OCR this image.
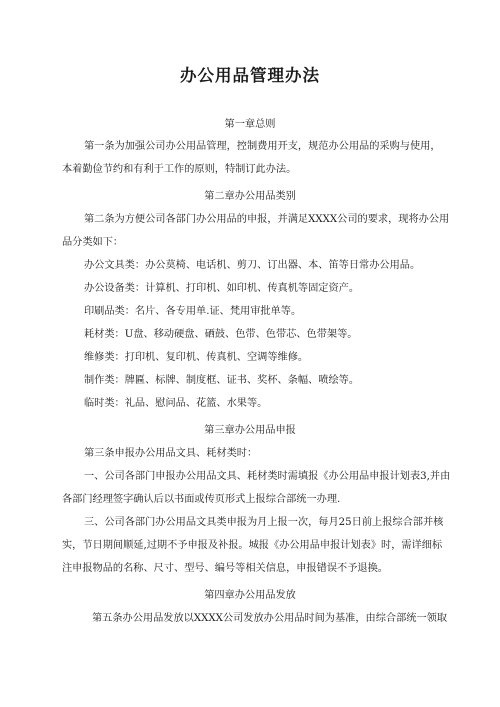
办公用品管理办法
第一章总则
第一条为加强公司办公用品管理，控制费用开支，规范办公用品的采购与使用，
本着勤俭节约和有利于工作的原则，特制订此办法。
第二章办公用品类别
第二条为方便公司各部门办公用品的申报，并满足XXXX公司的要求，现将办公用
品分类如下：
办公文具类：办公莫椅、电话机、剪刀、订出器、本、笛等日常办公用品。
办公设备类：计算机、打印机、如印机、传真机等固定资产。
印刷品类：名片、各专用单.证、梵用审批单等。
耗材类：U盘、移动硬盘、硒鼓、色带、色带芯、色带架等。
维修类：打印机、复印机、传真机、空调等维修。
制作类：牌匾、标牌、制度框、证书、奖杯、条幅、喷绘等。
临时类：礼品、慰问品、花篮、水果等。
第三章办公用品申报
第三条申报办公用品文具、耗材类时：
一、公司各部门申报办公用品文具、耗材类时需填报《办公用品申报计划表3,并由
各部门经理签字确认后以书面或传页形式上报综合部统一办理.
三、公司各部门办公用品文具类申报为月上报一次，每月25日前上报综合部并核
实，节日期间顺延,过期不予申报及补报。城报《办公用品申报计划表》时，需详细标
注申报物品的名称、尺寸、型号、编号等相关信息，申报错误不予退换。
第四章办公用品发放
第五条办公用品发放以XXXX公司发放办公用品时间为基准，由综合部统一领取
